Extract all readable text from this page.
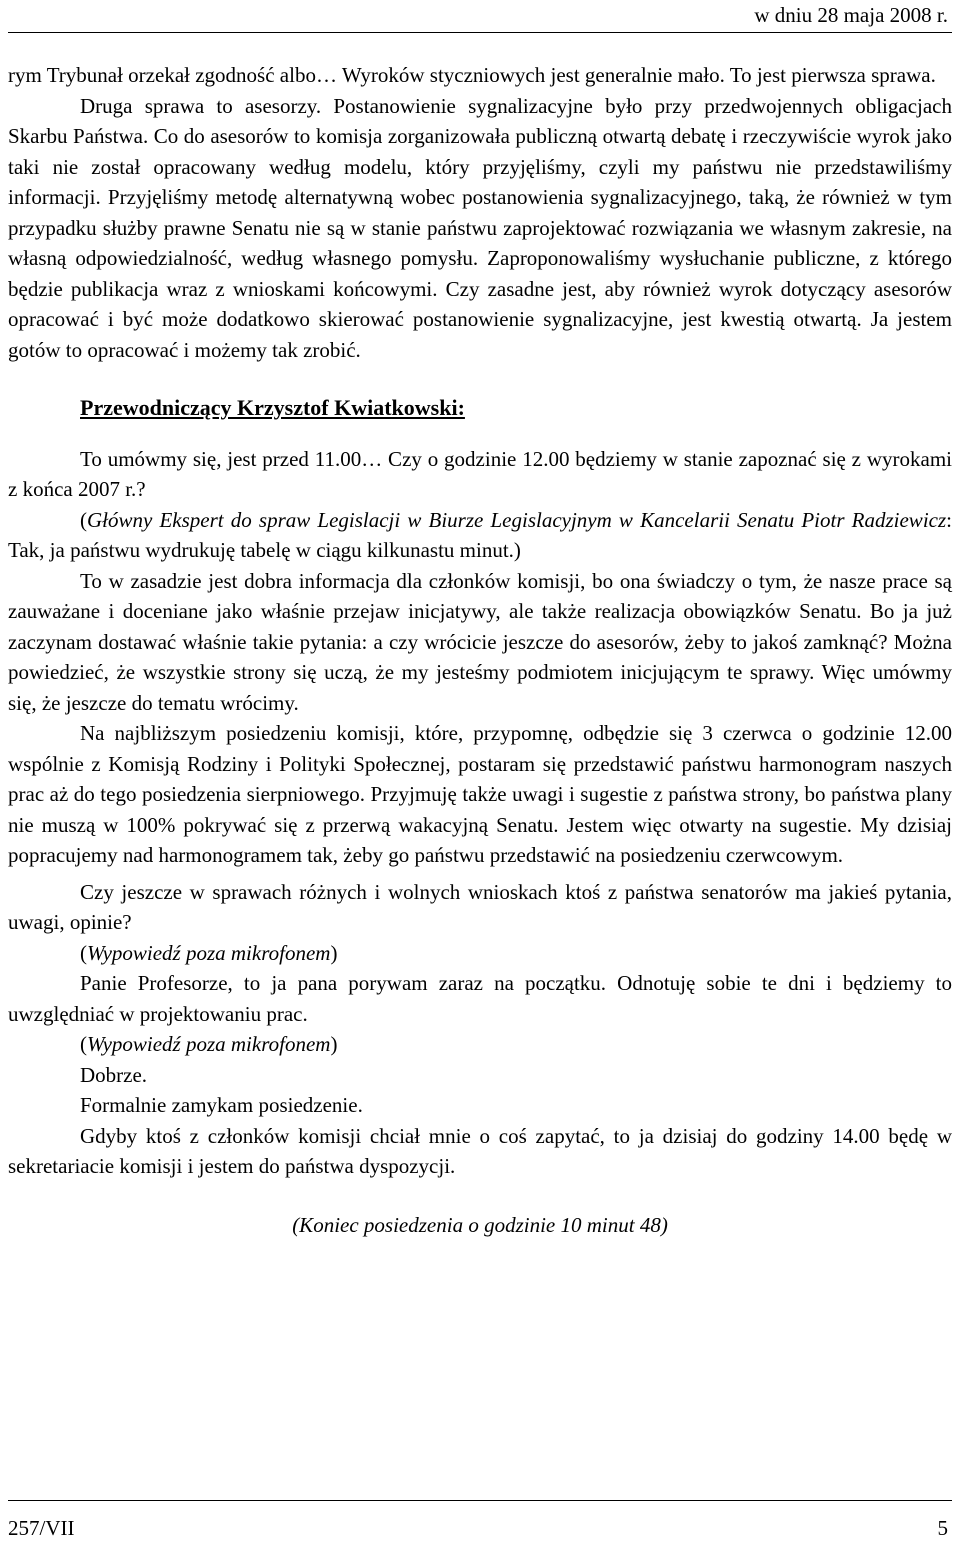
w dniu 28 maja 2008 r.

rym Trybunał orzekał zgodność albo… Wyroków styczniowych jest generalnie mało. To jest pierwsza sprawa.

Druga sprawa to asesorzy. Postanowienie sygnalizacyjne było przy przedwojennych obligacjach Skarbu Państwa. Co do asesorów to komisja zorganizowała publiczną otwartą debatę i rzeczywiście wyrok jako taki nie został opracowany według modelu, który przyjęliśmy, czyli my państwu nie przedstawiliśmy informacji. Przyjęliśmy metodę alternatywną wobec postanowienia sygnalizacyjnego, taką, że również w tym przypadku służby prawne Senatu nie są w stanie państwu zaprojektować rozwiązania we własnym zakresie, na własną odpowiedzialność, według własnego pomysłu. Zaproponowaliśmy wysłuchanie publiczne, z którego będzie publikacja wraz z wnioskami końcowymi. Czy zasadne jest, aby również wyrok dotyczący asesorów opracować i być może dodatkowo skierować postanowienie sygnalizacyjne, jest kwestią otwartą. Ja jestem gotów to opracować i możemy tak zrobić.

Przewodniczący Krzysztof Kwiatkowski:

To umówmy się, jest przed 11.00… Czy o godzinie 12.00 będziemy w stanie zapoznać się z wyrokami z końca 2007 r.?

(Główny Ekspert do spraw Legislacji w Biurze Legislacyjnym w Kancelarii Senatu Piotr Radziewicz: Tak, ja państwu wydrukuję tabelę w ciągu kilkunastu minut.)

To w zasadzie jest dobra informacja dla członków komisji, bo ona świadczy o tym, że nasze prace są zauważane i doceniane jako właśnie przejaw inicjatywy, ale także realizacja obowiązków Senatu. Bo ja już zaczynam dostawać właśnie takie pytania: a czy wrócicie jeszcze do asesorów, żeby to jakoś zamknąć? Można powiedzieć, że wszystkie strony się uczą, że my jesteśmy podmiotem inicjującym te sprawy. Więc umówmy się, że jeszcze do tematu wrócimy.

Na najbliższym posiedzeniu komisji, które, przypomnę, odbędzie się 3 czerwca o godzinie 12.00 wspólnie z Komisją Rodziny i Polityki Społecznej, postaram się przedstawić państwu harmonogram naszych prac aż do tego posiedzenia sierpniowego. Przyjmuję także uwagi i sugestie z państwa strony, bo państwa plany nie muszą w 100% pokrywać się z przerwą wakacyjną Senatu. Jestem więc otwarty na sugestie. My dzisiaj popracujemy nad harmonogramem tak, żeby go państwu przedstawić na posiedzeniu czerwcowym.

Czy jeszcze w sprawach różnych i wolnych wnioskach ktoś z państwa senatorów ma jakieś pytania, uwagi, opinie?

(Wypowiedź poza mikrofonem)

Panie Profesorze, to ja pana porywam zaraz na początku. Odnotuję sobie te dni i będziemy to uwzględniać w projektowaniu prac.

(Wypowiedź poza mikrofonem)

Dobrze.

Formalnie zamykam posiedzenie.

Gdyby ktoś z członków komisji chciał mnie o coś zapytać, to ja dzisiaj do godziny 14.00 będę w sekretariacie komisji i jestem do państwa dyspozycji.

(Koniec posiedzenia o godzinie 10 minut 48)

257/VII	5
